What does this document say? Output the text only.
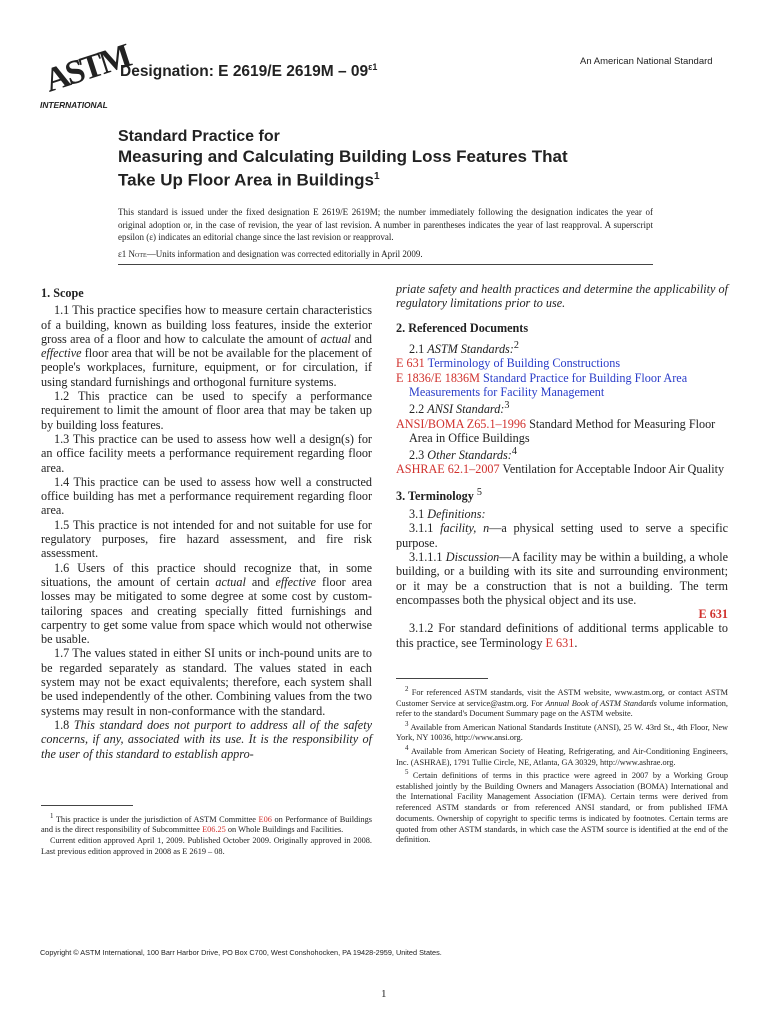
ASTM
INTERNATIONAL
Designation: E 2619/E $2619M - 09^{\varepsilon 1}$	An American National Standard
Standard Practice for
Measuring and Calculating Building Loss Features That
Take Up Floor Area in Buildings$^1$
This standard is issued under the fixed designation E 2619/E 2619M; the number immediately following the designation indicates the year of original adoption or, in the case of revision, the year of last revision. A number in parentheses indicates the year of last reapproval. A superscript epsilon (ε) indicates an editorial change since the last revision or reapproval.
ε1 Note—Units information and designation was corrected editorially in April 2009.

1. Scope

1.1 This practice specifies how to measure certain characteristics of a building, known as building loss features, inside the exterior gross area of a floor and how to calculate the amount of actual and effective floor area that will be not be available for the placement of people's workplaces, furniture, equipment, or for circulation, if using standard furnishings and orthogonal furniture systems.

1.2 This practice can be used to specify a performance requirement to limit the amount of floor area that may be taken up by building loss features.

1.3 This practice can be used to assess how well a design(s) for an office facility meets a performance requirement regarding floor area.

1.4 This practice can be used to assess how well a constructed office building has met a performance requirement regarding floor area.

1.5 This practice is not intended for and not suitable for use for regulatory purposes, fire hazard assessment, and fire risk assessment.

1.6 Users of this practice should recognize that, in some situations, the amount of certain actual and effective floor area losses may be mitigated to some degree at some cost by custom-tailoring spaces and creating specially fitted furnishings and carpentry to get some value from space which would not otherwise be usable.

1.7 The values stated in either SI units or inch-pound units are to be regarded separately as standard. The values stated in each system may not be exact equivalents; therefore, each system shall be used independently of the other. Combining values from the two systems may result in non-conformance with the standard.

1.8 This standard does not purport to address all of the safety concerns, if any, associated with its use. It is the responsibility of the user of this standard to establish appro-

$^1$ This practice is under the jurisdiction of ASTM Committee E06 on Performance of Buildings and is the direct responsibility of Subcommittee E06.25 on Whole Buildings and Facilities.

Current edition approved April 1, 2009. Published October 2009. Originally approved in 2008. Last previous edition approved in 2008 as E 2619 – 08.

priate safety and health practices and determine the applicability of regulatory limitations prior to use.

2. Referenced Documents

2.1 ASTM Standards:$^2$

E 631 Terminology of Building Constructions

E 1836/E 1836M Standard Practice for Building Floor Area Measurements for Facility Management

2.2 ANSI Standard:$^3$

ANSI/BOMA Z65.1–1996 Standard Method for Measuring Floor Area in Office Buildings

2.3 Other Standards:$^4$

ASHRAE 62.1–2007 Ventilation for Acceptable Indoor Air Quality

3. Terminology $^5$

3.1 Definitions:

3.1.1 facility, n—a physical setting used to serve a specific purpose.

3.1.1.1 Discussion—A facility may be within a building, a whole building, or a building with its site and surrounding environment; or it may be a construction that is not a building. The term encompasses both the physical object and its use.

E 631

3.1.2 For standard definitions of additional terms applicable to this practice, see Terminology E 631.

$^2$ For referenced ASTM standards, visit the ASTM website, www.astm.org, or contact ASTM Customer Service at service@astm.org. For Annual Book of ASTM Standards volume information, refer to the standard's Document Summary page on the ASTM website.

$^3$ Available from American National Standards Institute (ANSI), 25 W. 43rd St., 4th Floor, New York, NY 10036, http://www.ansi.org.

$^4$ Available from American Society of Heating, Refrigerating, and Air-Conditioning Engineers, Inc. (ASHRAE), 1791 Tullie Circle, NE, Atlanta, GA 30329, http://www.ashrae.org.

$^5$ Certain definitions of terms in this practice were agreed in 2007 by a Working Group established jointly by the Building Owners and Managers Association (BOMA) International and the International Facility Management Association (IFMA). Certain terms were derived from referenced ASTM standards or from referenced ANSI standard, or from published IFMA documents. Ownership of copyright to specific terms is indicated by footnotes. Certain terms are quoted from other ASTM standards, in which case the ASTM source is identified at the end of the definition.

Copyright © ASTM International, 100 Barr Harbor Drive, PO Box C700, West Conshohocken, PA 19428-2959, United States.
1
